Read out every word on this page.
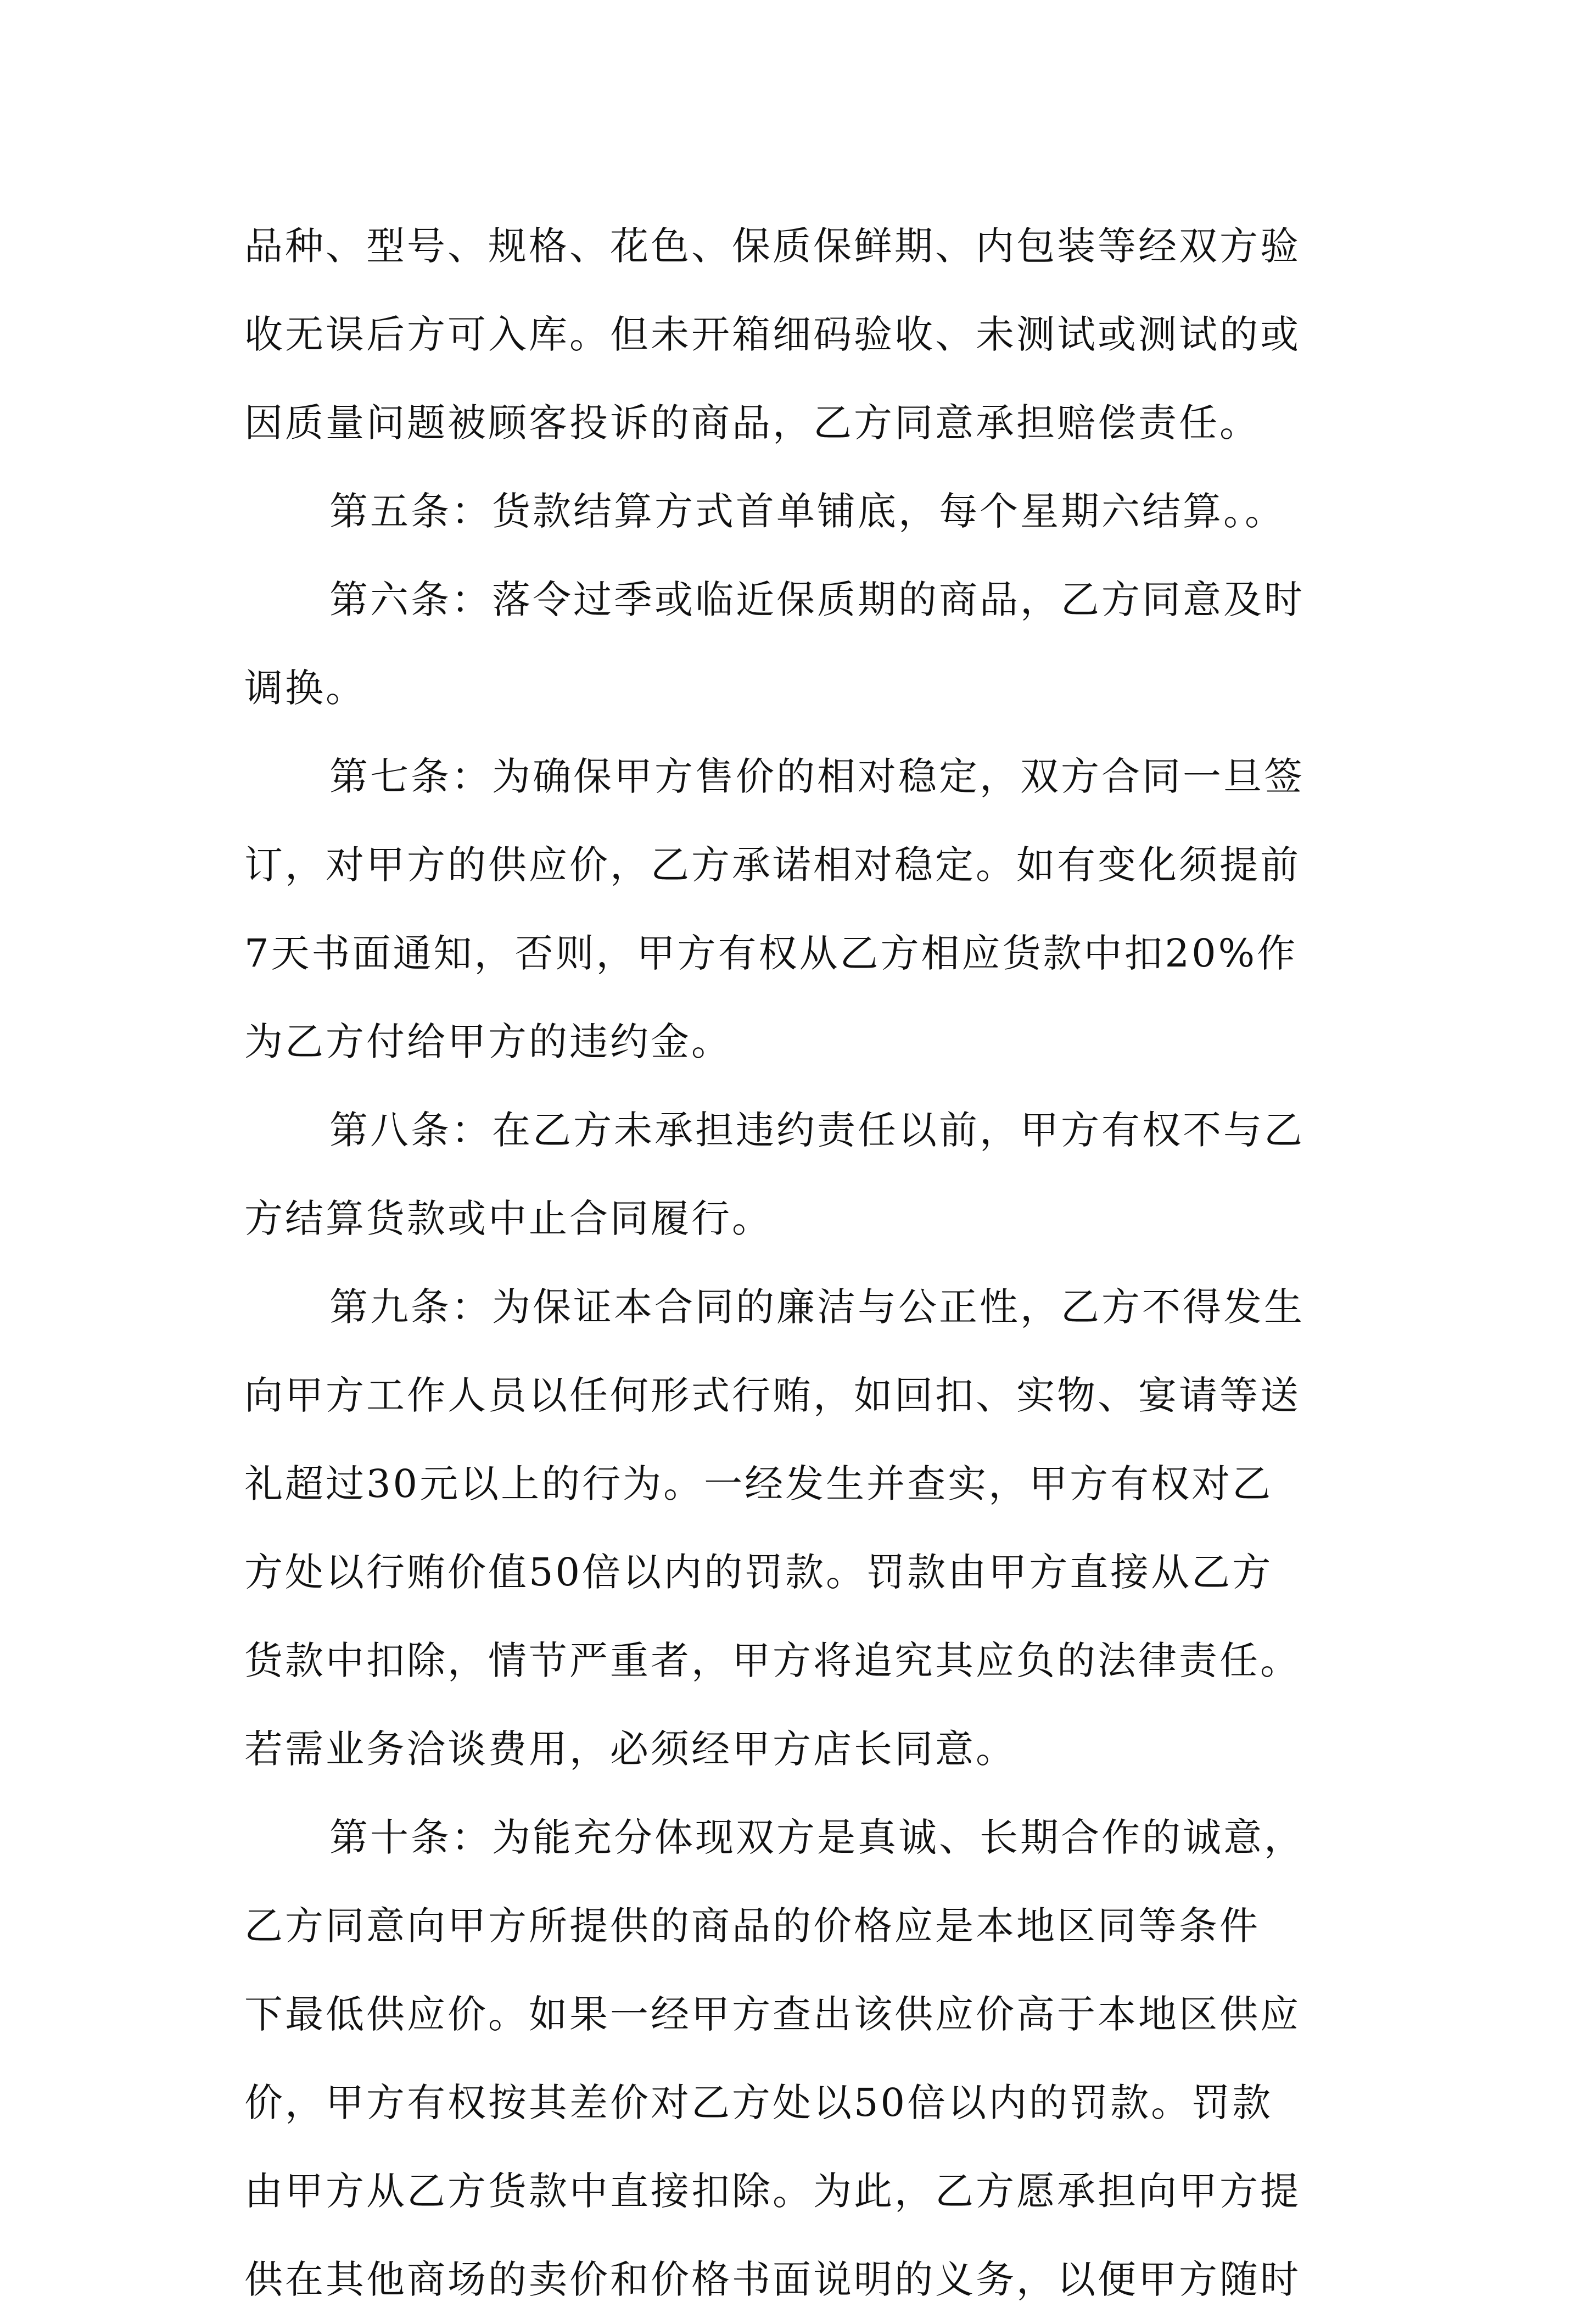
品种、型号、规格、花色、保质保鲜期、内包装等经双方验
收无误后方可入库。但未开箱细码验收、未测试或测试的或
因质量问题被顾客投诉的商品，乙方同意承担赔偿责任。
第五条：货款结算方式首单铺底，每个星期六结算。。
第六条：落令过季或临近保质期的商品，乙方同意及时
调换。
第七条：为确保甲方售价的相对稳定，双方合同一旦签
订，对甲方的供应价，乙方承诺相对稳定。如有变化须提前
7天书面通知，否则，甲方有权从乙方相应货款中扣20%作
为乙方付给甲方的违约金。
第八条：在乙方未承担违约责任以前，甲方有权不与乙
方结算货款或中止合同履行。
第九条：为保证本合同的廉洁与公正性，乙方不得发生
向甲方工作人员以任何形式行贿，如回扣、实物、宴请等送
礼超过30元以上的行为。一经发生并查实，甲方有权对乙
方处以行贿价值50倍以内的罚款。罚款由甲方直接从乙方
货款中扣除，情节严重者，甲方将追究其应负的法律责任。
若需业务洽谈费用，必须经甲方店长同意。
第十条：为能充分体现双方是真诚、长期合作的诚意，
乙方同意向甲方所提供的商品的价格应是本地区同等条件
下最低供应价。如果一经甲方查出该供应价高于本地区供应
价，甲方有权按其差价对乙方处以50倍以内的罚款。罚款
由甲方从乙方货款中直接扣除。为此，乙方愿承担向甲方提
供在其他商场的卖价和价格书面说明的义务，以便甲方随时
